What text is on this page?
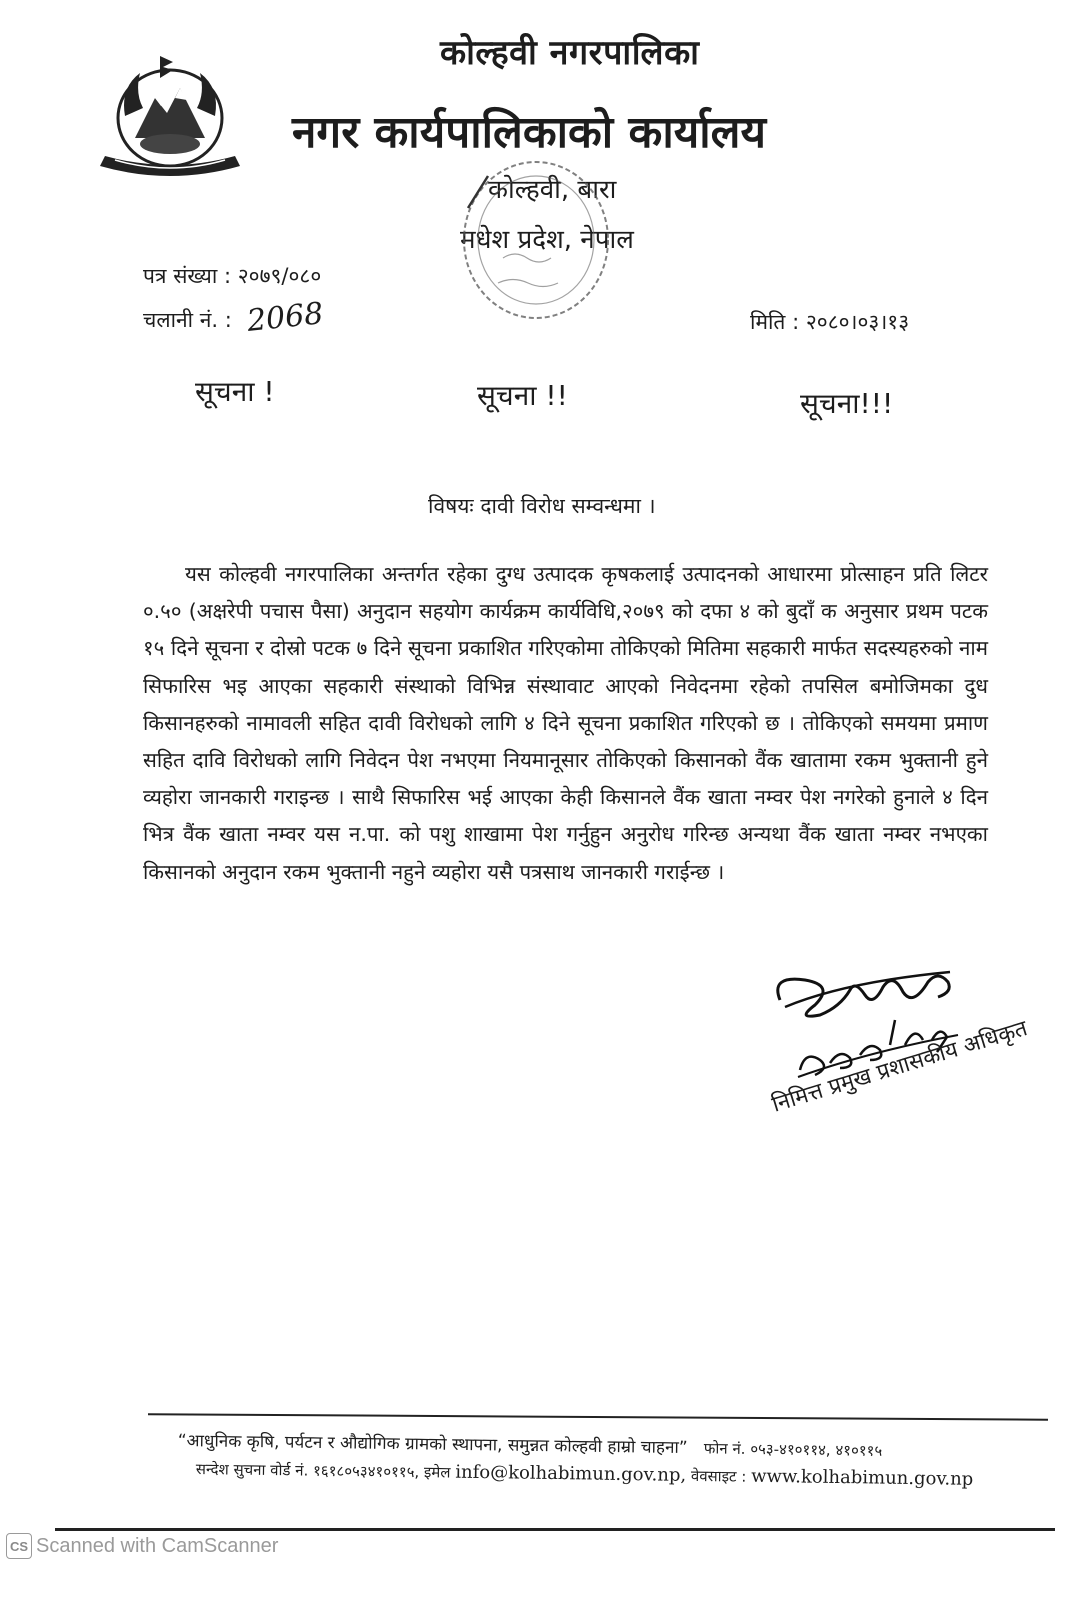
कोल्हवी नगरपालिका
नगर कार्यपालिकाको कार्यालय
कोल्हवी, बारा
मधेश प्रदेश, नेपाल
पत्र संख्या : २०७९/०८०
चलानी नं. : 2068	मिति : २०८०।०३।१३
सूचना !	सूचना !!	सूचना!!!
विषयः दावी विरोध सम्वन्धमा ।
यस कोल्हवी नगरपालिका अन्तर्गत रहेका दुग्ध उत्पादक कृषकलाई उत्पादनको आधारमा प्रोत्साहन प्रति लिटर ०.५० (अक्षरेपी पचास पैसा) अनुदान सहयोग कार्यक्रम कार्यविधि,२०७९ को दफा ४ को बुदाँ क अनुसार प्रथम पटक १५ दिने सूचना र दोस्रो पटक ७ दिने सूचना प्रकाशित गरिएकोमा तोकिएको मितिमा सहकारी मार्फत सदस्यहरुको नाम सिफारिस भइ आएका सहकारी संस्थाको विभिन्न संस्थावाट आएको निवेदनमा रहेको तपसिल बमोजिमका दुध किसानहरुको नामावली सहित दावी विरोधको लागि ४ दिने सूचना प्रकाशित गरिएको छ । तोकिएको समयमा प्रमाण सहित दावि विरोधको लागि निवेदन पेश नभएमा नियमानूसार तोकिएको किसानको वैंक खातामा रकम भुक्तानी हुने व्यहोरा जानकारी गराइन्छ । साथै सिफारिस भई आएका केही किसानले वैंक खाता नम्वर पेश नगरेको हुनाले ४ दिन भित्र वैंक खाता नम्वर यस न.पा. को पशु शाखामा पेश गर्नुहुन अनुरोध गरिन्छ अन्यथा वैंक खाता नम्वर नभएका किसानको अनुदान रकम भुक्तानी नहुने व्यहोरा यसै पत्रसाथ जानकारी गराईन्छ ।
निमित्त प्रमुख प्रशासकीय अधिकृत
“आधुनिक कृषि, पर्यटन र औद्योगिक ग्रामको स्थापना, समुन्नत कोल्हवी हाम्रो चाहना” फोन नं. ०५३-४१०११४, ४१०११५
सन्देश सुचना वोर्ड नं. १६१८०५३४१०११५, इमेल info@kolhabimun.gov.np, वेवसाइट : www.kolhabimun.gov.np
CS Scanned with CamScanner
